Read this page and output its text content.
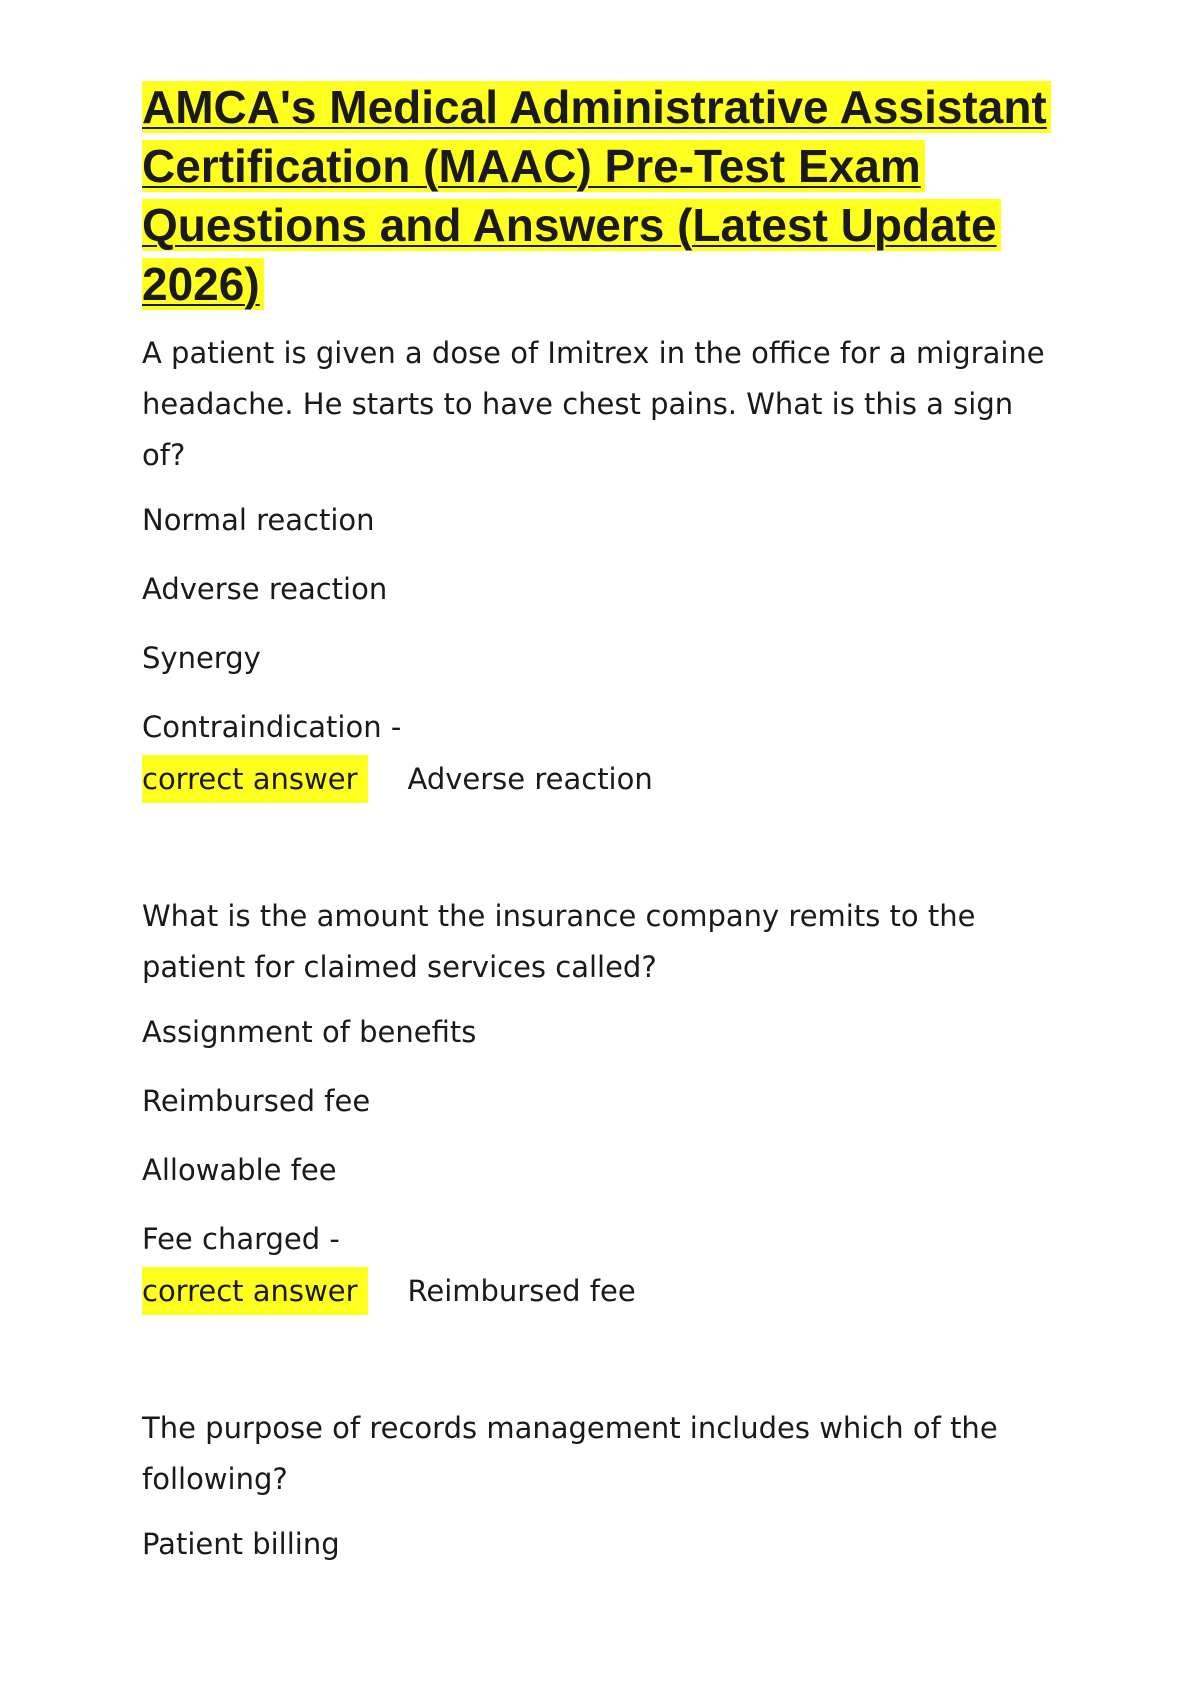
AMCA's Medical Administrative Assistant Certification (MAAC) Pre-Test Exam Questions and Answers (Latest Update 2026)

A patient is given a dose of Imitrex in the office for a migraine headache. He starts to have chest pains. What is this a sign of?

Normal reaction

Adverse reaction

Synergy

Contraindication -

correct answer	Adverse reaction

What is the amount the insurance company remits to the patient for claimed services called?

Assignment of benefits

Reimbursed fee

Allowable fee

Fee charged -

correct answer	Reimbursed fee

The purpose of records management includes which of the following?

Patient billing
